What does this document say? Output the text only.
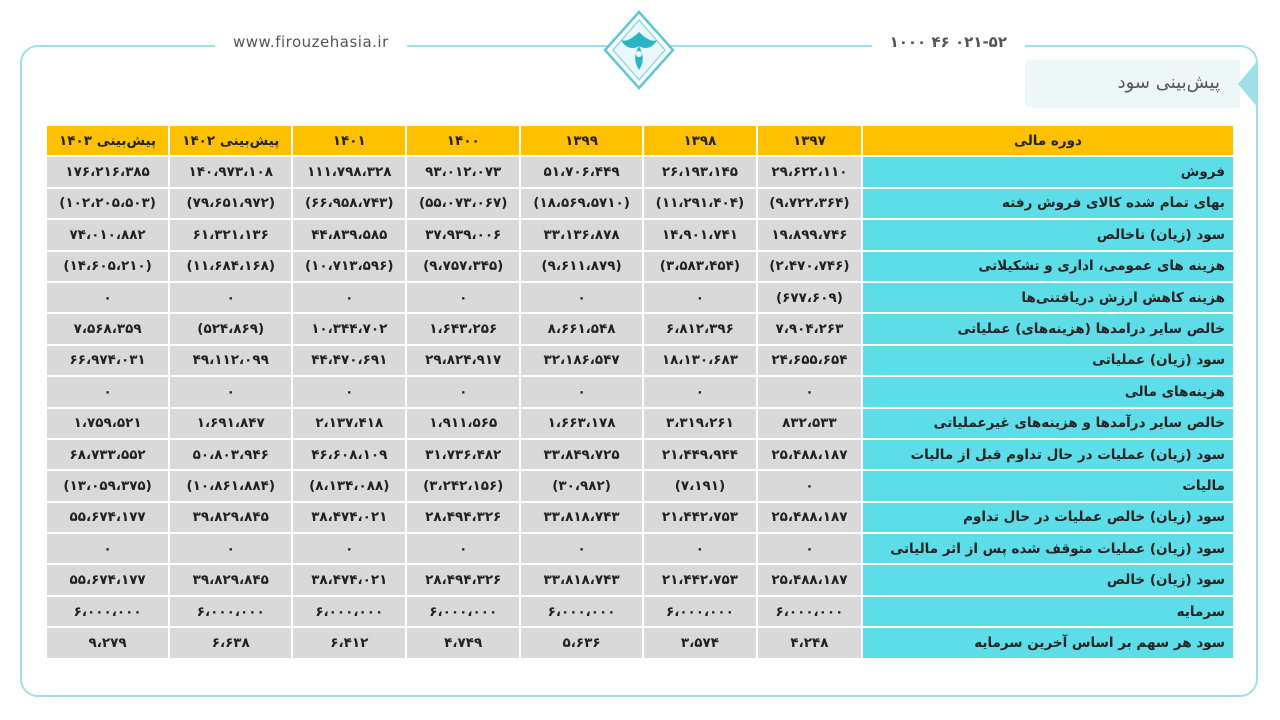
www.firouzehasia.ir	۰۲۱-۵۲ ۴۶ ۱۰۰۰
پیش‌بینی سود
دوره مالی	۱۳۹۷	۱۳۹۸	۱۳۹۹	۱۴۰۰	۱۴۰۱	پیش‌بینی ۱۴۰۲	پیش‌بینی ۱۴۰۳
فروش	۲۹،۶۲۲،۱۱۰	۲۶،۱۹۳،۱۴۵	۵۱،۷۰۶،۴۴۹	۹۳،۰۱۲،۰۷۳	۱۱۱،۷۹۸،۳۲۸	۱۴۰،۹۷۳،۱۰۸	۱۷۶،۲۱۶،۳۸۵
بهای تمام شده کالای فروش رفته	(۹،۷۲۲،۳۶۴)	(۱۱،۲۹۱،۴۰۴)	(۱۸،۵۶۹،۵۷۱۰)	(۵۵،۰۷۳،۰۶۷)	(۶۶،۹۵۸،۷۴۳)	(۷۹،۶۵۱،۹۷۲)	(۱۰۲،۲۰۵،۵۰۳)
سود (زیان) ناخالص	۱۹،۸۹۹،۷۴۶	۱۴،۹۰۱،۷۴۱	۳۳،۱۳۶،۸۷۸	۳۷،۹۳۹،۰۰۶	۴۴،۸۳۹،۵۸۵	۶۱،۳۲۱،۱۳۶	۷۴،۰۱۰،۸۸۲
هزینه های عمومی، اداری و تشکیلاتی	(۲،۴۷۰،۷۴۶)	(۳،۵۸۳،۴۵۴)	(۹،۶۱۱،۸۷۹)	(۹،۷۵۷،۳۴۵)	(۱۰،۷۱۳،۵۹۶)	(۱۱،۶۸۴،۱۶۸)	(۱۴،۶۰۵،۲۱۰)
هزینه کاهش ارزش دریافتنی‌ها	(۶۷۷،۶۰۹)	۰	۰	۰	۰	۰	۰
خالص سایر درامدها (هزینه‌های) عملیاتی	۷،۹۰۴،۲۶۳	۶،۸۱۲،۳۹۶	۸،۶۶۱،۵۴۸	۱،۶۴۳،۲۵۶	۱۰،۳۴۴،۷۰۲	(۵۲۴،۸۶۹)	۷،۵۶۸،۳۵۹
سود (زیان) عملیاتی	۲۴،۶۵۵،۶۵۴	۱۸،۱۳۰،۶۸۳	۳۲،۱۸۶،۵۴۷	۲۹،۸۲۴،۹۱۷	۴۴،۴۷۰،۶۹۱	۴۹،۱۱۲،۰۹۹	۶۶،۹۷۴،۰۳۱
هزینه‌های مالی	۰	۰	۰	۰	۰	۰	۰
خالص سایر درآمدها و هزینه‌های غیرعملیاتی	۸۳۲،۵۳۳	۳،۳۱۹،۲۶۱	۱،۶۶۳،۱۷۸	۱،۹۱۱،۵۶۵	۲،۱۳۷،۴۱۸	۱،۶۹۱،۸۴۷	۱،۷۵۹،۵۲۱
سود (زیان) عملیات در حال تداوم قبل از مالیات	۲۵،۴۸۸،۱۸۷	۲۱،۴۴۹،۹۴۴	۳۳،۸۴۹،۷۲۵	۳۱،۷۳۶،۴۸۲	۴۶،۶۰۸،۱۰۹	۵۰،۸۰۳،۹۴۶	۶۸،۷۳۳،۵۵۲
مالیات	۰	(۷،۱۹۱)	(۳۰،۹۸۲)	(۳،۲۴۲،۱۵۶)	(۸،۱۳۴،۰۸۸)	(۱۰،۸۶۱،۸۸۴)	(۱۳،۰۵۹،۳۷۵)
سود (زیان) خالص عملیات در حال تداوم	۲۵،۴۸۸،۱۸۷	۲۱،۴۴۲،۷۵۳	۳۳،۸۱۸،۷۴۳	۲۸،۴۹۴،۳۲۶	۳۸،۴۷۴،۰۲۱	۳۹،۸۲۹،۸۴۵	۵۵،۶۷۴،۱۷۷
سود (زیان) عملیات متوقف شده پس از اثر مالیاتی	۰	۰	۰	۰	۰	۰	۰
سود (زیان) خالص	۲۵،۴۸۸،۱۸۷	۲۱،۴۴۲،۷۵۳	۳۳،۸۱۸،۷۴۳	۲۸،۴۹۴،۳۲۶	۳۸،۴۷۴،۰۲۱	۳۹،۸۲۹،۸۴۵	۵۵،۶۷۴،۱۷۷
سرمایه	۶،۰۰۰،۰۰۰	۶،۰۰۰،۰۰۰	۶،۰۰۰،۰۰۰	۶،۰۰۰،۰۰۰	۶،۰۰۰،۰۰۰	۶،۰۰۰،۰۰۰	۶،۰۰۰،۰۰۰
سود هر سهم بر اساس آخرین سرمایه	۴،۲۴۸	۳،۵۷۴	۵،۶۳۶	۴،۷۴۹	۶،۴۱۲	۶،۶۳۸	۹،۲۷۹
